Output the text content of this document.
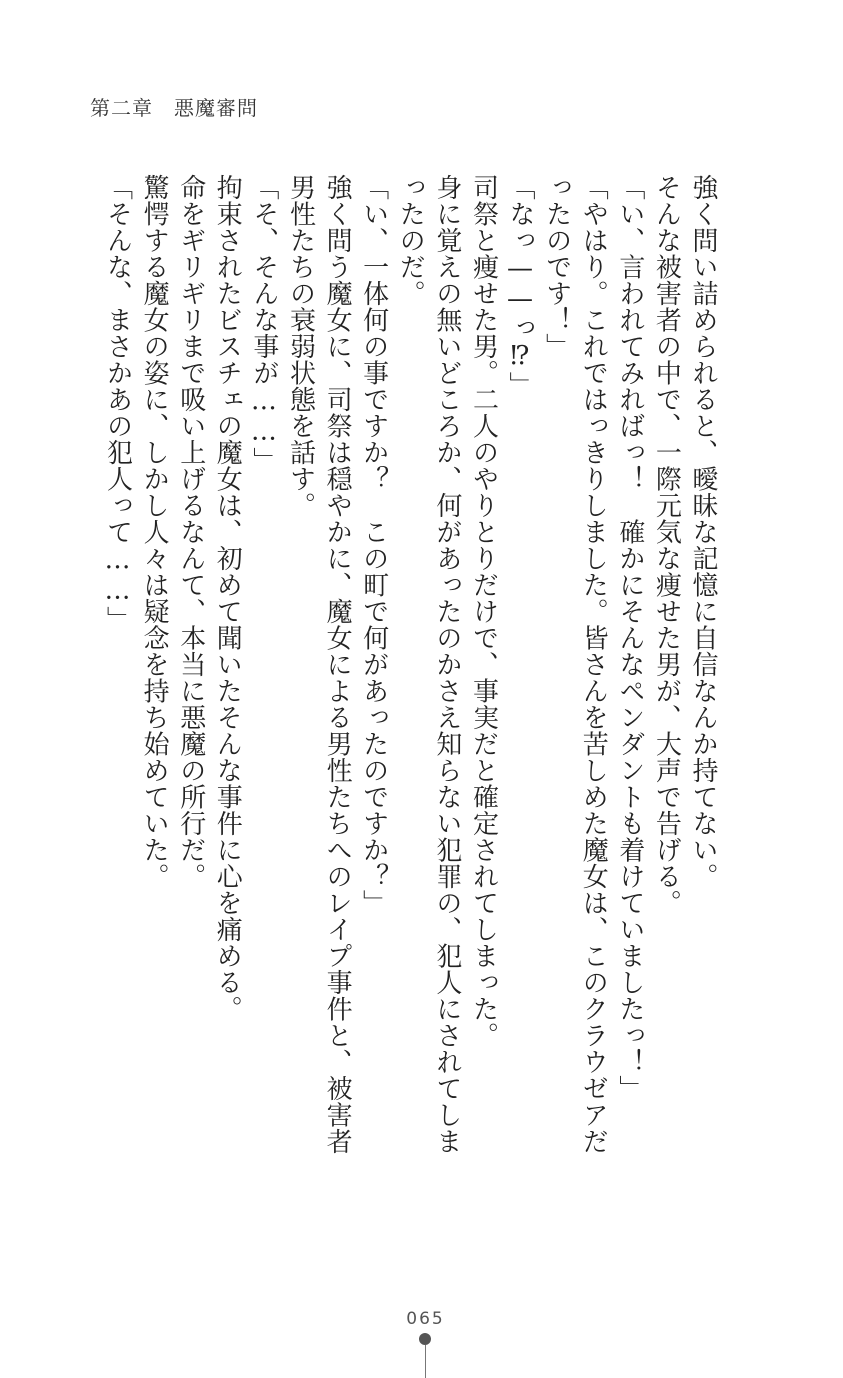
第二章　悪魔審問

強く問い詰められると、曖昧な記憶に自信なんか持てない。

そんな被害者の中で、一際元気な痩せた男が、大声で告げる。

「い、言われてみればっ！　確かにそんなペンダントも着けていましたっ！」

「やはり。これではっきりしました。皆さんを苦しめた魔女は、このクラウゼアだったのです！」

「なっ——っ⁉」

司祭と痩せた男。二人のやりとりだけで、事実だと確定されてしまった。

身に覚えの無いどころか、何があったのかさえ知らない犯罪の、犯人にされてしまったのだ。

「い、一体何の事ですか？　この町で何があったのですか？」

強く問う魔女に、司祭は穏やかに、魔女による男性たちへのレイプ事件と、被害者男性たちの衰弱状態を話す。

「そ、そんな事が……」

拘束されたビスチェの魔女は、初めて聞いたそんな事件に心を痛める。

命をギリギリまで吸い上げるなんて、本当に悪魔の所行だ。

驚愕する魔女の姿に、しかし人々は疑念を持ち始めていた。

「そんな、まさかあの犯人って……」

065
